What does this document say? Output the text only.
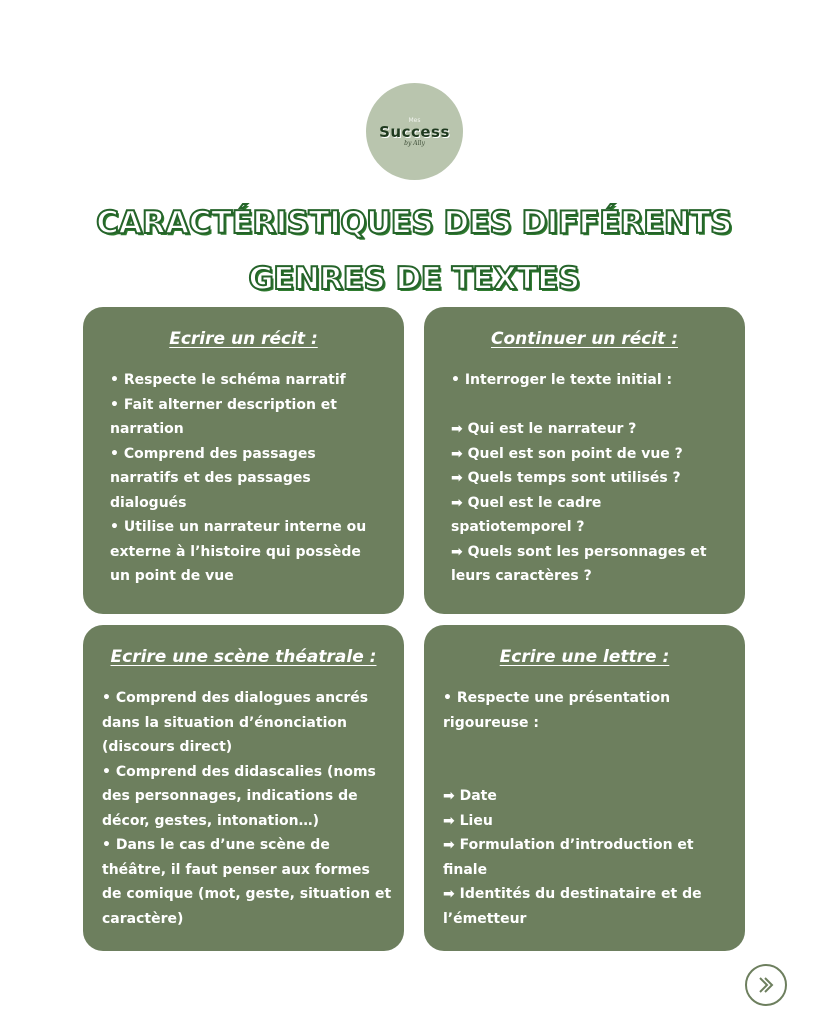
Mes
Success
by Ally
CARACTÉRISTIQUES DES DIFFÉRENTS
GENRES DE TEXTES
Ecrire un récit :

• Respecte le schéma narratif
• Fait alterner description et
narration
• Comprend des passages
narratifs et des passages
dialogués
• Utilise un narrateur interne ou
externe à l’histoire qui possède
un point de vue

Continuer un récit :

• Interroger le texte initial :

➡ Qui est le narrateur ?
➡ Quel est son point de vue ?
➡ Quels temps sont utilisés ?
➡ Quel est le cadre
spatiotemporel ?
➡ Quels sont les personnages et
leurs caractères ?

Ecrire une scène théatrale :

• Comprend des dialogues ancrés
dans la situation d’énonciation
(discours direct)
• Comprend des didascalies (noms
des personnages, indications de
décor, gestes, intonation…)
• Dans le cas d’une scène de
théâtre, il faut penser aux formes
de comique (mot, geste, situation et
caractère)

Ecrire une lettre :

• Respecte une présentation
rigoureuse :

➡ Date
➡ Lieu
➡ Formulation d’introduction et
finale
➡ Identités du destinataire et de
l’émetteur
